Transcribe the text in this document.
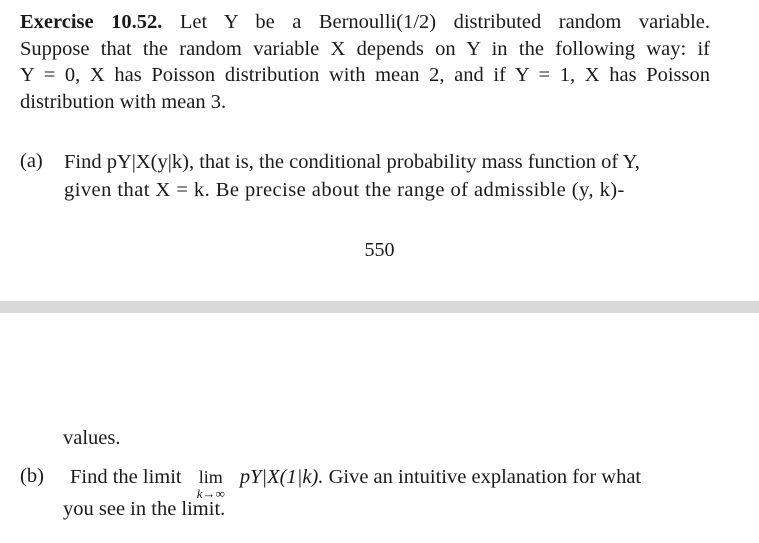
Exercise 10.52. Let Y be a Bernoulli(1/2) distributed random variable.
Suppose that the random variable X depends on Y in the following way: if
Y = 0, X has Poisson distribution with mean 2, and if Y = 1, X has Poisson
distribution with mean 3.
(a) Find pY|X(y|k), that is, the conditional probability mass function of Y,
given that X = k. Be precise about the range of admissible (y, k)-
550
values.
(b) Find the limit lim
k→∞
pY|X(1|k). Give an intuitive explanation for what
you see in the limit.
